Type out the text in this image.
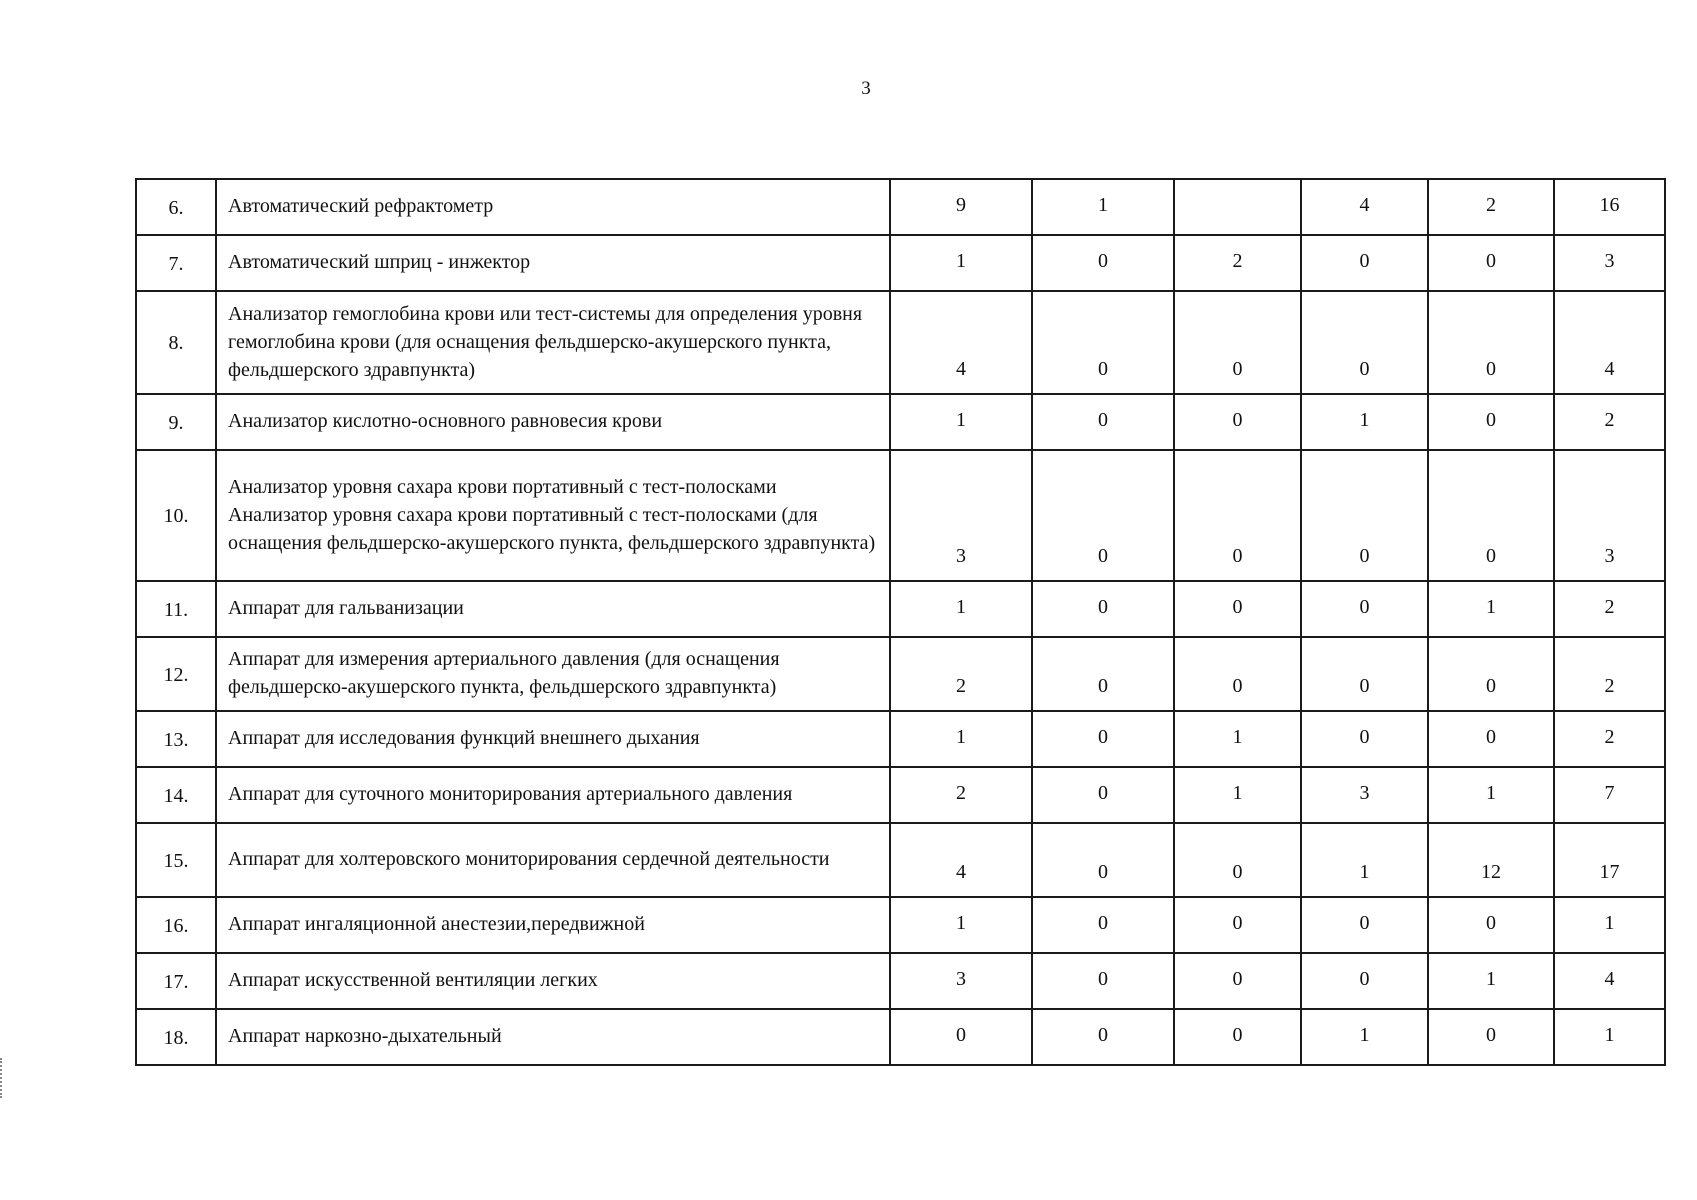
3
6.	Автоматический рефрактометр	9	1		4	2	16
7.	Автоматический шприц - инжектор	1	0	2	0	0	3
8.	Анализатор гемоглобина крови или тест-системы для определения уровня гемоглобина крови (для оснащения фельдшерско-акушерского пункта, фельдшерского здравпункта)	4	0	0	0	0	4
9.	Анализатор кислотно-основного равновесия крови	1	0	0	1	0	2
10.	Анализатор уровня сахара крови портативный с тест-полосками Анализатор уровня сахара крови портативный с тест-полосками (для оснащения фельдшерско-акушерского пункта, фельдшерского здравпункта)	3	0	0	0	0	3
11.	Аппарат для гальванизации	1	0	0	0	1	2
12.	Аппарат для измерения артериального давления (для оснащения фельдшерско-акушерского пункта, фельдшерского здравпункта)	2	0	0	0	0	2
13.	Аппарат для исследования функций внешнего дыхания	1	0	1	0	0	2
14.	Аппарат для суточного мониторирования артериального давления	2	0	1	3	1	7
15.	Аппарат для холтеровского мониторирования сердечной деятельности	4	0	0	1	12	17
16.	Аппарат ингаляционной анестезии,передвижной	1	0	0	0	0	1
17.	Аппарат искусственной вентиляции легких	3	0	0	0	1	4
18.	Аппарат наркозно-дыхательный	0	0	0	1	0	1
